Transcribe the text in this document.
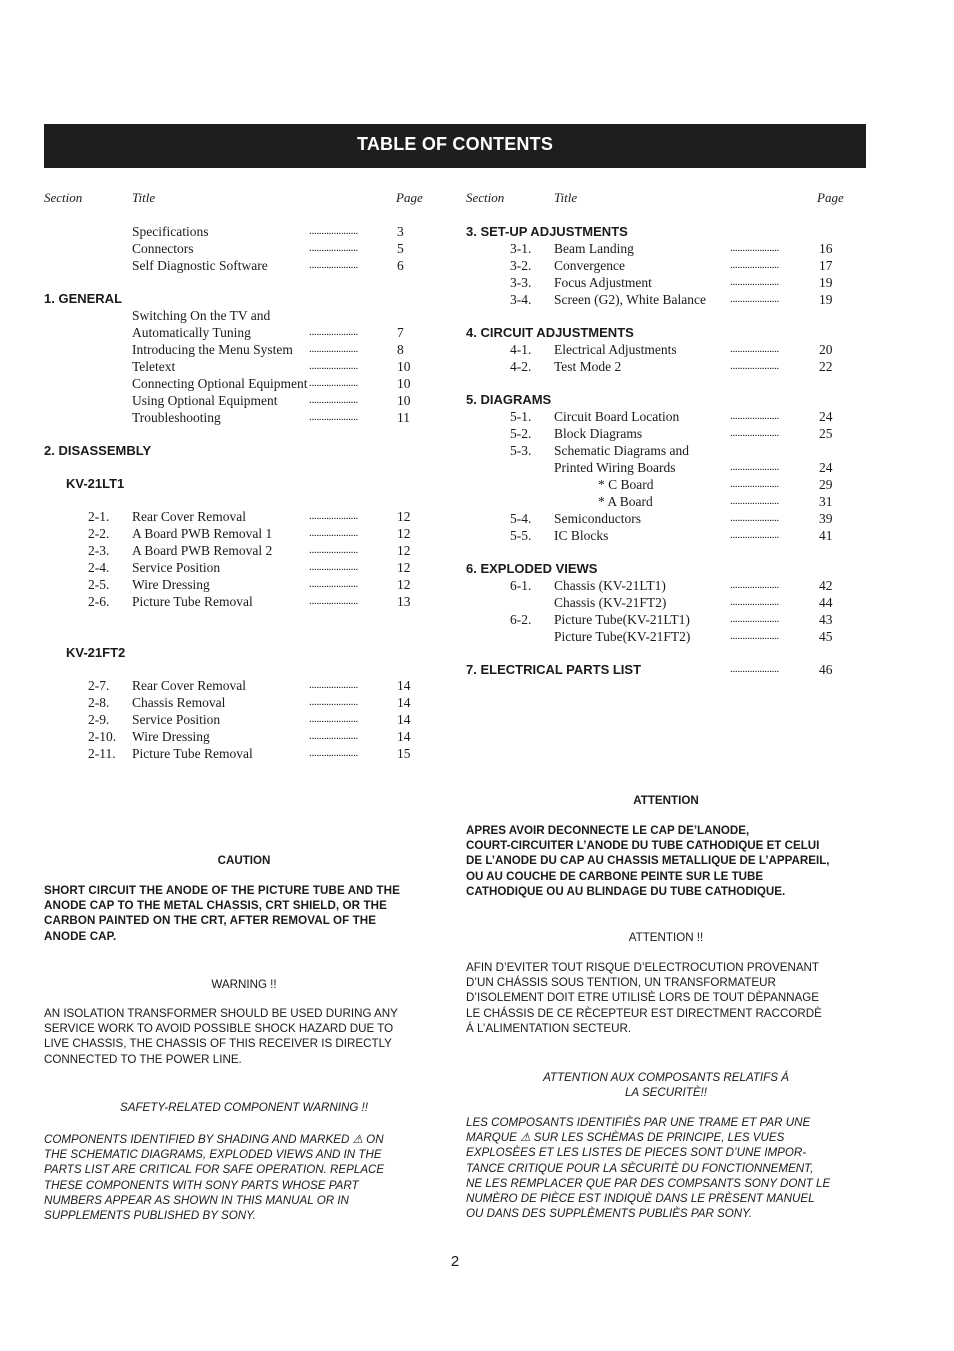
TABLE OF CONTENTS
Section	Title	Page
Specifications	....................	3
Connectors	....................	5
Self Diagnostic Software	....................	6
1. GENERAL
Switching On the TV and
Automatically Tuning	....................	7
Introducing the Menu System ....................	8
Teletext	....................	10
Connecting Optional Equipment ....................	10
Using Optional Equipment	....................	10
Troubleshooting	....................	11
2. DISASSEMBLY
KV-21LT1
2-1. Rear Cover Removal	....................	12
2-2. A Board PWB Removal 1	....................	12
2-3. A Board PWB Removal 2	....................	12
2-4. Service Position	....................	12
2-5. Wire Dressing	....................	12
2-6. Picture Tube Removal	....................	13
KV-21FT2
2-7. Rear Cover Removal	....................	14
2-8. Chassis Removal	....................	14
2-9. Service Position	....................	14
2-10. Wire Dressing	....................	14
2-11. Picture Tube Removal	....................	15
Section	Title	Page
3. SET-UP ADJUSTMENTS
3-1. Beam Landing	....................	16
3-2. Convergence	....................	17
3-3. Focus Adjustment	....................	19
3-4. Screen (G2), White Balance ....................	19
4. CIRCUIT ADJUSTMENTS
4-1. Electrical Adjustments	....................	20
4-2. Test Mode 2	....................	22
5. DIAGRAMS
5-1. Circuit Board Location	....................	24
5-2. Block Diagrams	....................	25
5-3. Schematic Diagrams and
Printed Wiring Boards	....................	24
* C Board	....................	29
* A Board	....................	31
5-4. Semiconductors	....................	39
5-5. IC Blocks	....................	41
6. EXPLODED VIEWS
6-1. Chassis (KV-21LT1)	....................	42
Chassis (KV-21FT2)	....................	44
6-2. Picture Tube(KV-21LT1)	....................	43
Picture Tube(KV-21FT2)	....................	45
7. ELECTRICAL PARTS LIST	....................	46
CAUTION
SHORT CIRCUIT THE ANODE OF THE PICTURE TUBE AND THE
ANODE CAP TO THE METAL CHASSIS, CRT SHIELD, OR THE
CARBON PAINTED ON THE CRT, AFTER REMOVAL OF THE
ANODE CAP.
WARNING !!
AN ISOLATION TRANSFORMER SHOULD BE USED DURING ANY
SERVICE WORK TO AVOID POSSIBLE SHOCK HAZARD DUE TO
LIVE CHASSIS, THE CHASSIS OF THIS RECEIVER IS DIRECTLY
CONNECTED TO THE POWER LINE.
SAFETY-RELATED COMPONENT WARNING !!
COMPONENTS IDENTIFIED BY SHADING AND MARKED ⚠ ON
THE SCHEMATIC DIAGRAMS, EXPLODED VIEWS AND IN THE
PARTS LIST ARE CRITICAL FOR SAFE OPERATION. REPLACE
THESE COMPONENTS WITH SONY PARTS WHOSE PART
NUMBERS APPEAR AS SHOWN IN THIS MANUAL OR IN
SUPPLEMENTS PUBLISHED BY SONY.
ATTENTION
APRES AVOIR DECONNECTE LE CAP DE’LANODE,
COURT-CIRCUITER L’ANODE DU TUBE CATHODIQUE ET CELUI
DE L’ANODE DU CAP AU CHASSIS METALLIQUE DE L’APPAREIL,
OU AU COUCHE DE CARBONE PEINTE SUR LE TUBE
CATHODIQUE OU AU BLINDAGE DU TUBE CATHODIQUE.
ATTENTION !!
AFIN D’EVITER TOUT RISQUE D’ELECTROCUTION PROVENANT
D’UN CHÁSSIS SOUS TENTION, UN TRANSFORMATEUR
D’ISOLEMENT DOIT ETRE UTILISÈ LORS DE TOUT DÈPANNAGE
LE CHÁSSIS DE CE RÈCEPTEUR EST DIRECTMENT RACCORDÈ
Á L’ALIMENTATION SECTEUR.
ATTENTION AUX COMPOSANTS RELATIFS Á
LA SECURITÈ!!
LES COMPOSANTS IDENTIFIÈS PAR UNE TRAME ET PAR UNE
MARQUE ⚠ SUR LES SCHÈMAS DE PRINCIPE, LES VUES
EXPLOSÈES ET LES LISTES DE PIECES SONT D’UNE IMPOR-
TANCE CRITIQUE POUR LA SÈCURITÈ DU FONCTIONNEMENT,
NE LES REMPLACER QUE PAR DES COMPSANTS SONY DONT LE
NUMÈRO DE PIÈCE EST INDIQUÈ DANS LE PRÈSENT MANUEL
OU DANS DES SUPPLÈMENTS PUBLIÈS PAR SONY.
2
